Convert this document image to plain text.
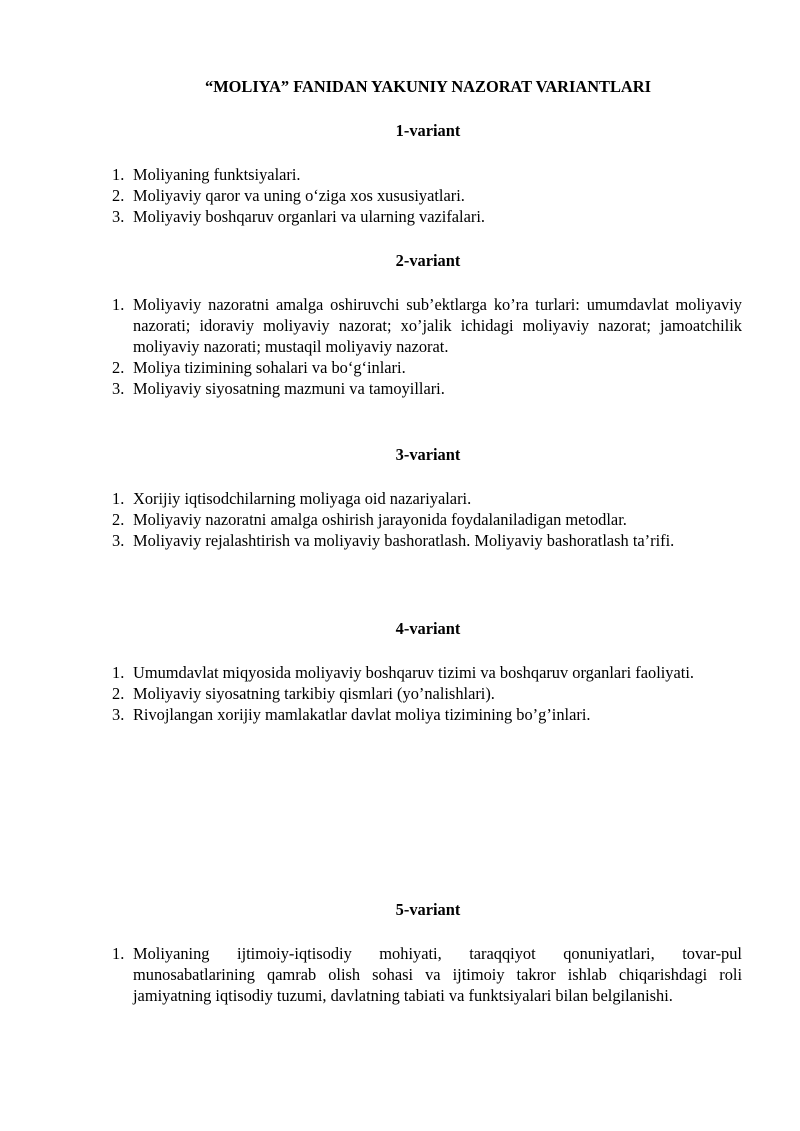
“MOLIYA” FANIDAN YAKUNIY NAZORAT VARIANTLARI
1-variant
1. Moliyaning funktsiyalari.
2. Moliyaviy qaror va uning o‘ziga xos xususiyatlari.
3. Moliyaviy boshqaruv organlari va ularning vazifalari.
2-variant
1. Moliyaviy nazoratni amalga oshiruvchi sub’ektlarga ko’ra turlari: umumdavlat moliyaviy nazorati; idoraviy moliyaviy nazorat; xo’jalik ichidagi moliyaviy nazorat; jamoatchilik moliyaviy nazorati; mustaqil moliyaviy nazorat.
2. Moliya tizimining sohalari va bo‘g‘inlari.
3. Moliyaviy siyosatning mazmuni va tamoyillari.
3-variant
1. Xorijiy iqtisodchilarning moliyaga oid nazariyalari.
2. Moliyaviy nazoratni amalga oshirish jarayonida foydalaniladigan metodlar.
3. Moliyaviy rejalashtirish va moliyaviy bashoratlash. Moliyaviy bashoratlash ta’rifi.
4-variant
1. Umumdavlat miqyosida moliyaviy boshqaruv tizimi va boshqaruv organlari faoliyati.
2. Moliyaviy siyosatning tarkibiy qismlari (yo’nalishlari).
3. Rivojlangan xorijiy mamlakatlar davlat moliya tizimining bo’g’inlari.
5-variant
1. Moliyaning ijtimoiy-iqtisodiy mohiyati, taraqqiyot qonuniyatlari, tovar-pul munosabatlarining qamrab olish sohasi va ijtimoiy takror ishlab chiqarishdagi roli jamiyatning iqtisodiy tuzumi, davlatning tabiati va funktsiyalari bilan belgilanishi.
